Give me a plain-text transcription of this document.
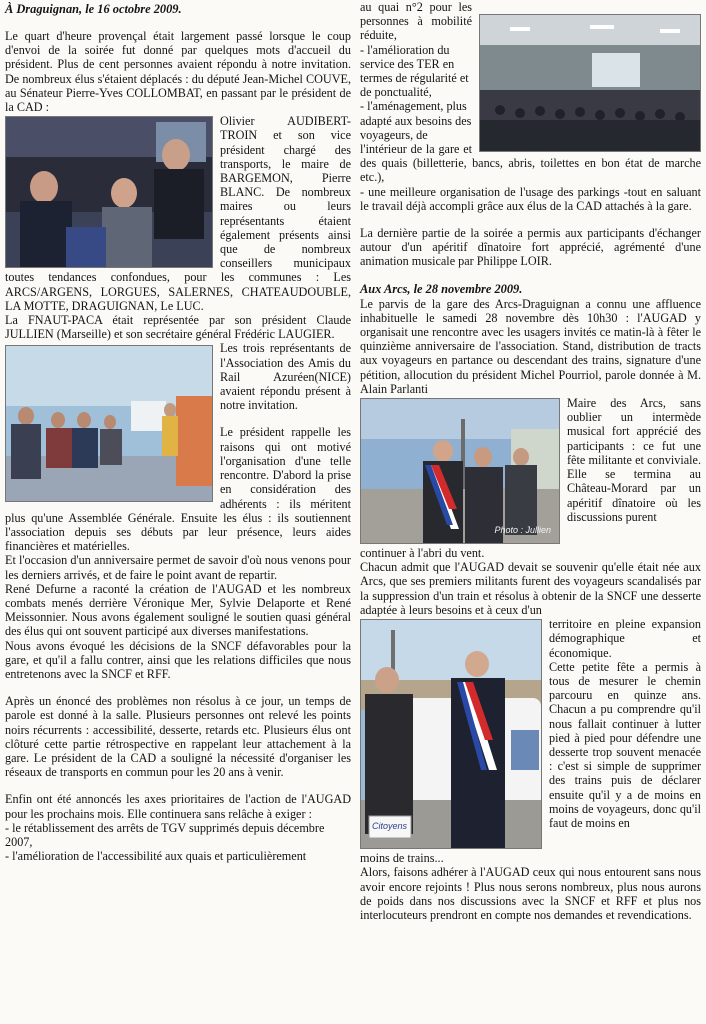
À Draguignan, le 16 octobre 2009.

Le quart d'heure provençal était largement passé lorsque le coup d'envoi de la soirée fut donné par quelques mots d'accueil du président. Plus de cent personnes avaient répondu à notre invitation. De nombreux élus s'étaient déplacés : du député Jean-Michel COUVE, au Sénateur Pierre-Yves COLLOMBAT, en passant par le président de la CAD :

Olivier AUDIBERT-TROIN et son vice président chargé des transports, le maire de BARGEMON, Pierre BLANC. De nombreux maires ou leurs représentants étaient également présents ainsi que de nombreux conseillers municipaux toutes tendances confondues, pour les communes : Les ARCS/ARGENS, LORGUES, SALERNES, CHATEAUDOUBLE, LA MOTTE, DRAGUIGNAN, Le LUC.

La FNAUT-PACA était représentée par son président Claude JULLIEN (Marseille) et son secrétaire général Frédéric LAUGIER.

Les trois représentants de l'Association des Amis du Rail Azuréen(NICE) avaient répondu présent à notre invitation.

Le président rappelle les raisons qui ont motivé l'organisation d'une telle rencontre. D'abord la prise en considération des adhérents : ils méritent plus qu'une Assemblée Générale. Ensuite les élus : ils soutiennent l'association depuis ses débuts par leur présence, leurs aides financières et matérielles.

Et l'occasion d'un anniversaire permet de savoir d'où nous venons pour les derniers arrivés, et de faire le point avant de repartir.

René Defurne a raconté la création de l'AUGAD et les nombreux combats menés derrière Véronique Mer, Sylvie Delaporte et René Meissonnier. Nous avons également souligné le soutien quasi général des élus qui ont souvent participé aux diverses manifestations.

Nous avons évoqué les décisions de la SNCF défavorables pour la gare, et qu'il a fallu contrer, ainsi que les relations difficiles que nous entretenons avec la SNCF et RFF.

Après un énoncé des problèmes non résolus à ce jour, un temps de parole est donné à la salle. Plusieurs personnes ont relevé les points noirs récurrents : accessibilité, desserte, retards etc. Plusieurs élus ont clôturé cette partie rétrospective en rappelant leur attachement à la gare. Le président de la CAD a souligné la nécessité d'organiser les réseaux de transports en commun pour les 20 ans à venir.

Enfin ont été annoncés les axes prioritaires de l'action de l'AUGAD pour les prochains mois. Elle continuera sans relâche à exiger :

- le rétablissement des arrêts de TGV supprimés depuis décembre 2007,

- l'amélioration de l'accessibilité aux quais et particulièrement

au quai n°2 pour les personnes à mobilité réduite,

- l'amélioration du service des TER en termes de régularité et de ponctualité,

- l'aménagement, plus adapté aux besoins des voyageurs, de

l'intérieur de la gare et des quais (billetterie, bancs, abris, toilettes en bon état de marche etc.),

- une meilleure organisation de l'usage des parkings -tout en saluant le travail déjà accompli grâce aux élus de la CAD attachés à la gare.

La dernière partie de la soirée a permis aux participants d'échanger autour d'un apéritif dînatoire fort apprécié, agrémenté d'une animation musicale par Philippe LOIR.

Aux Arcs, le 28 novembre 2009.

Le parvis de la gare des Arcs-Draguignan a connu une affluence inhabituelle le samedi 28 novembre dès 10h30 : l'AUGAD y organisait une rencontre avec les usagers invités ce matin-là à fêter le quinzième anniversaire de l'association. Stand, distribution de tracts aux voyageurs en partance ou descendant des trains, signature d'une pétition, allocution du président Michel Pourriol, parole donnée à M. Alain Parlanti

Photo : Jullien

Maire des Arcs, sans oublier un intermède musical fort apprécié des participants : ce fut une fête militante et conviviale. Elle se termina au Château-Morard par un apéritif dînatoire où les discussions purent

continuer à l'abri du vent.

Chacun admit que l'AUGAD devait se souvenir qu'elle était née aux Arcs, que ses premiers militants furent des voyageurs scandalisés par la suppression d'un train et résolus à obtenir de la SNCF une desserte adaptée à leurs besoins et à ceux d'un

Citoyens

territoire en pleine expansion démographique et économique.

Cette petite fête a permis à tous de mesurer le chemin parcouru en quinze ans. Chacun a pu comprendre qu'il nous fallait continuer à lutter pied à pied pour défendre une desserte trop souvent menacée : c'est si simple de supprimer des trains puis de déclarer ensuite qu'il y a de moins en moins de voyageurs, donc qu'il faut de moins en

moins de trains...

Alors, faisons adhérer à l'AUGAD ceux qui nous entourent sans nous avoir encore rejoints ! Plus nous serons nombreux, plus nous aurons de poids dans nos discussions avec la SNCF et RFF et plus nos interlocuteurs prendront en compte nos demandes et revendications.
